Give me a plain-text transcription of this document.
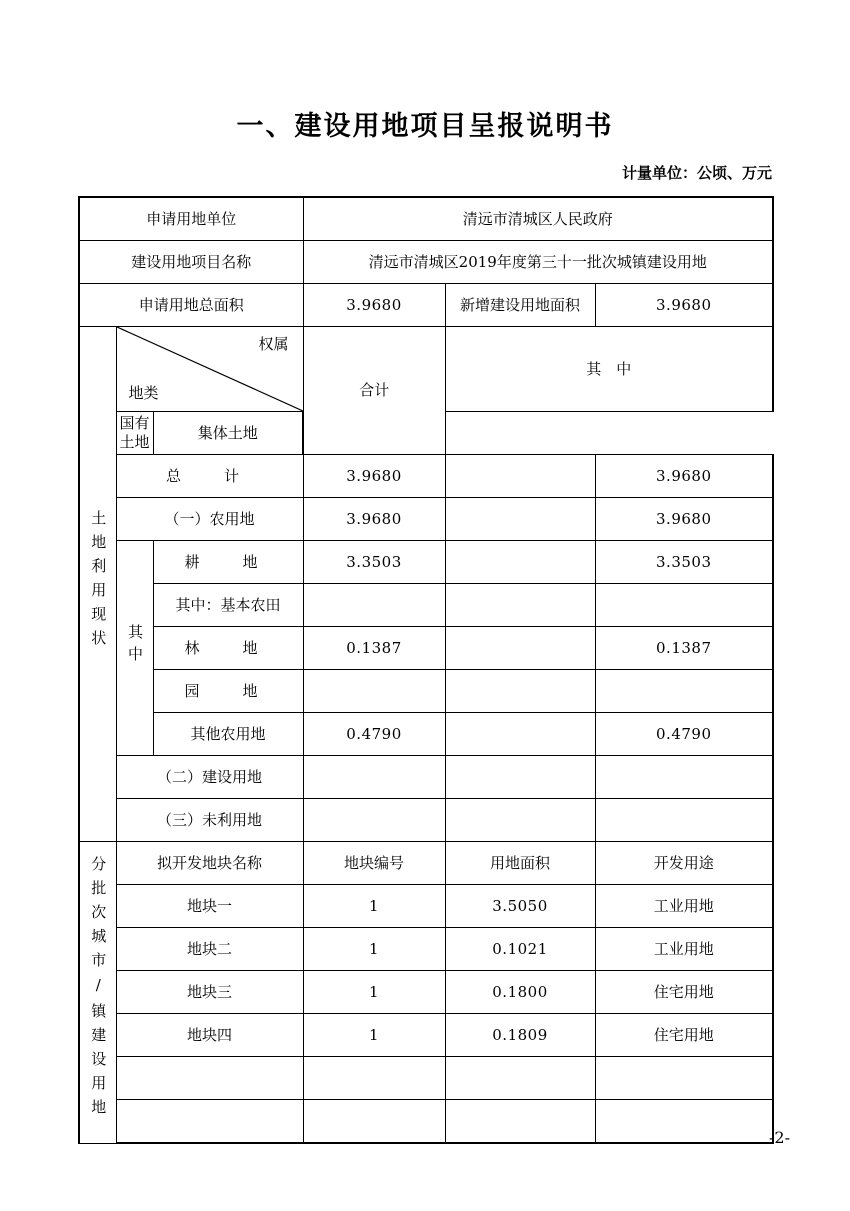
一、建设用地项目呈报说明书
计量单位：公顷、万元
申请用地单位			清远市清城区人民政府		
建设用地项目名称			清远市清城区2019年度第三十一批次城镇建设用地		
申请用地总面积			3.9680	新增建设用地面积	3.9680
土地利用现状	权属
地类		合计	其　中	
	国有土地	集体土地			
	总　计		3.9680		3.9680
	（一）农用地		3.9680		3.9680
	其中	耕　地	3.3503		3.3503
		其中：基本农田			
		林　地	0.1387		0.1387
		园　地			
		其他农用地	0.4790		0.4790
	（二）建设用地				
	（三）未利用地				
分批次城市/镇建设用地	拟开发地块名称		地块编号	用地面积	开发用途
	地块一		1	3.5050	工业用地
	地块二		1	0.1021	工业用地
	地块三		1	0.1800	住宅用地
	地块四		1	0.1809	住宅用地

-2-
